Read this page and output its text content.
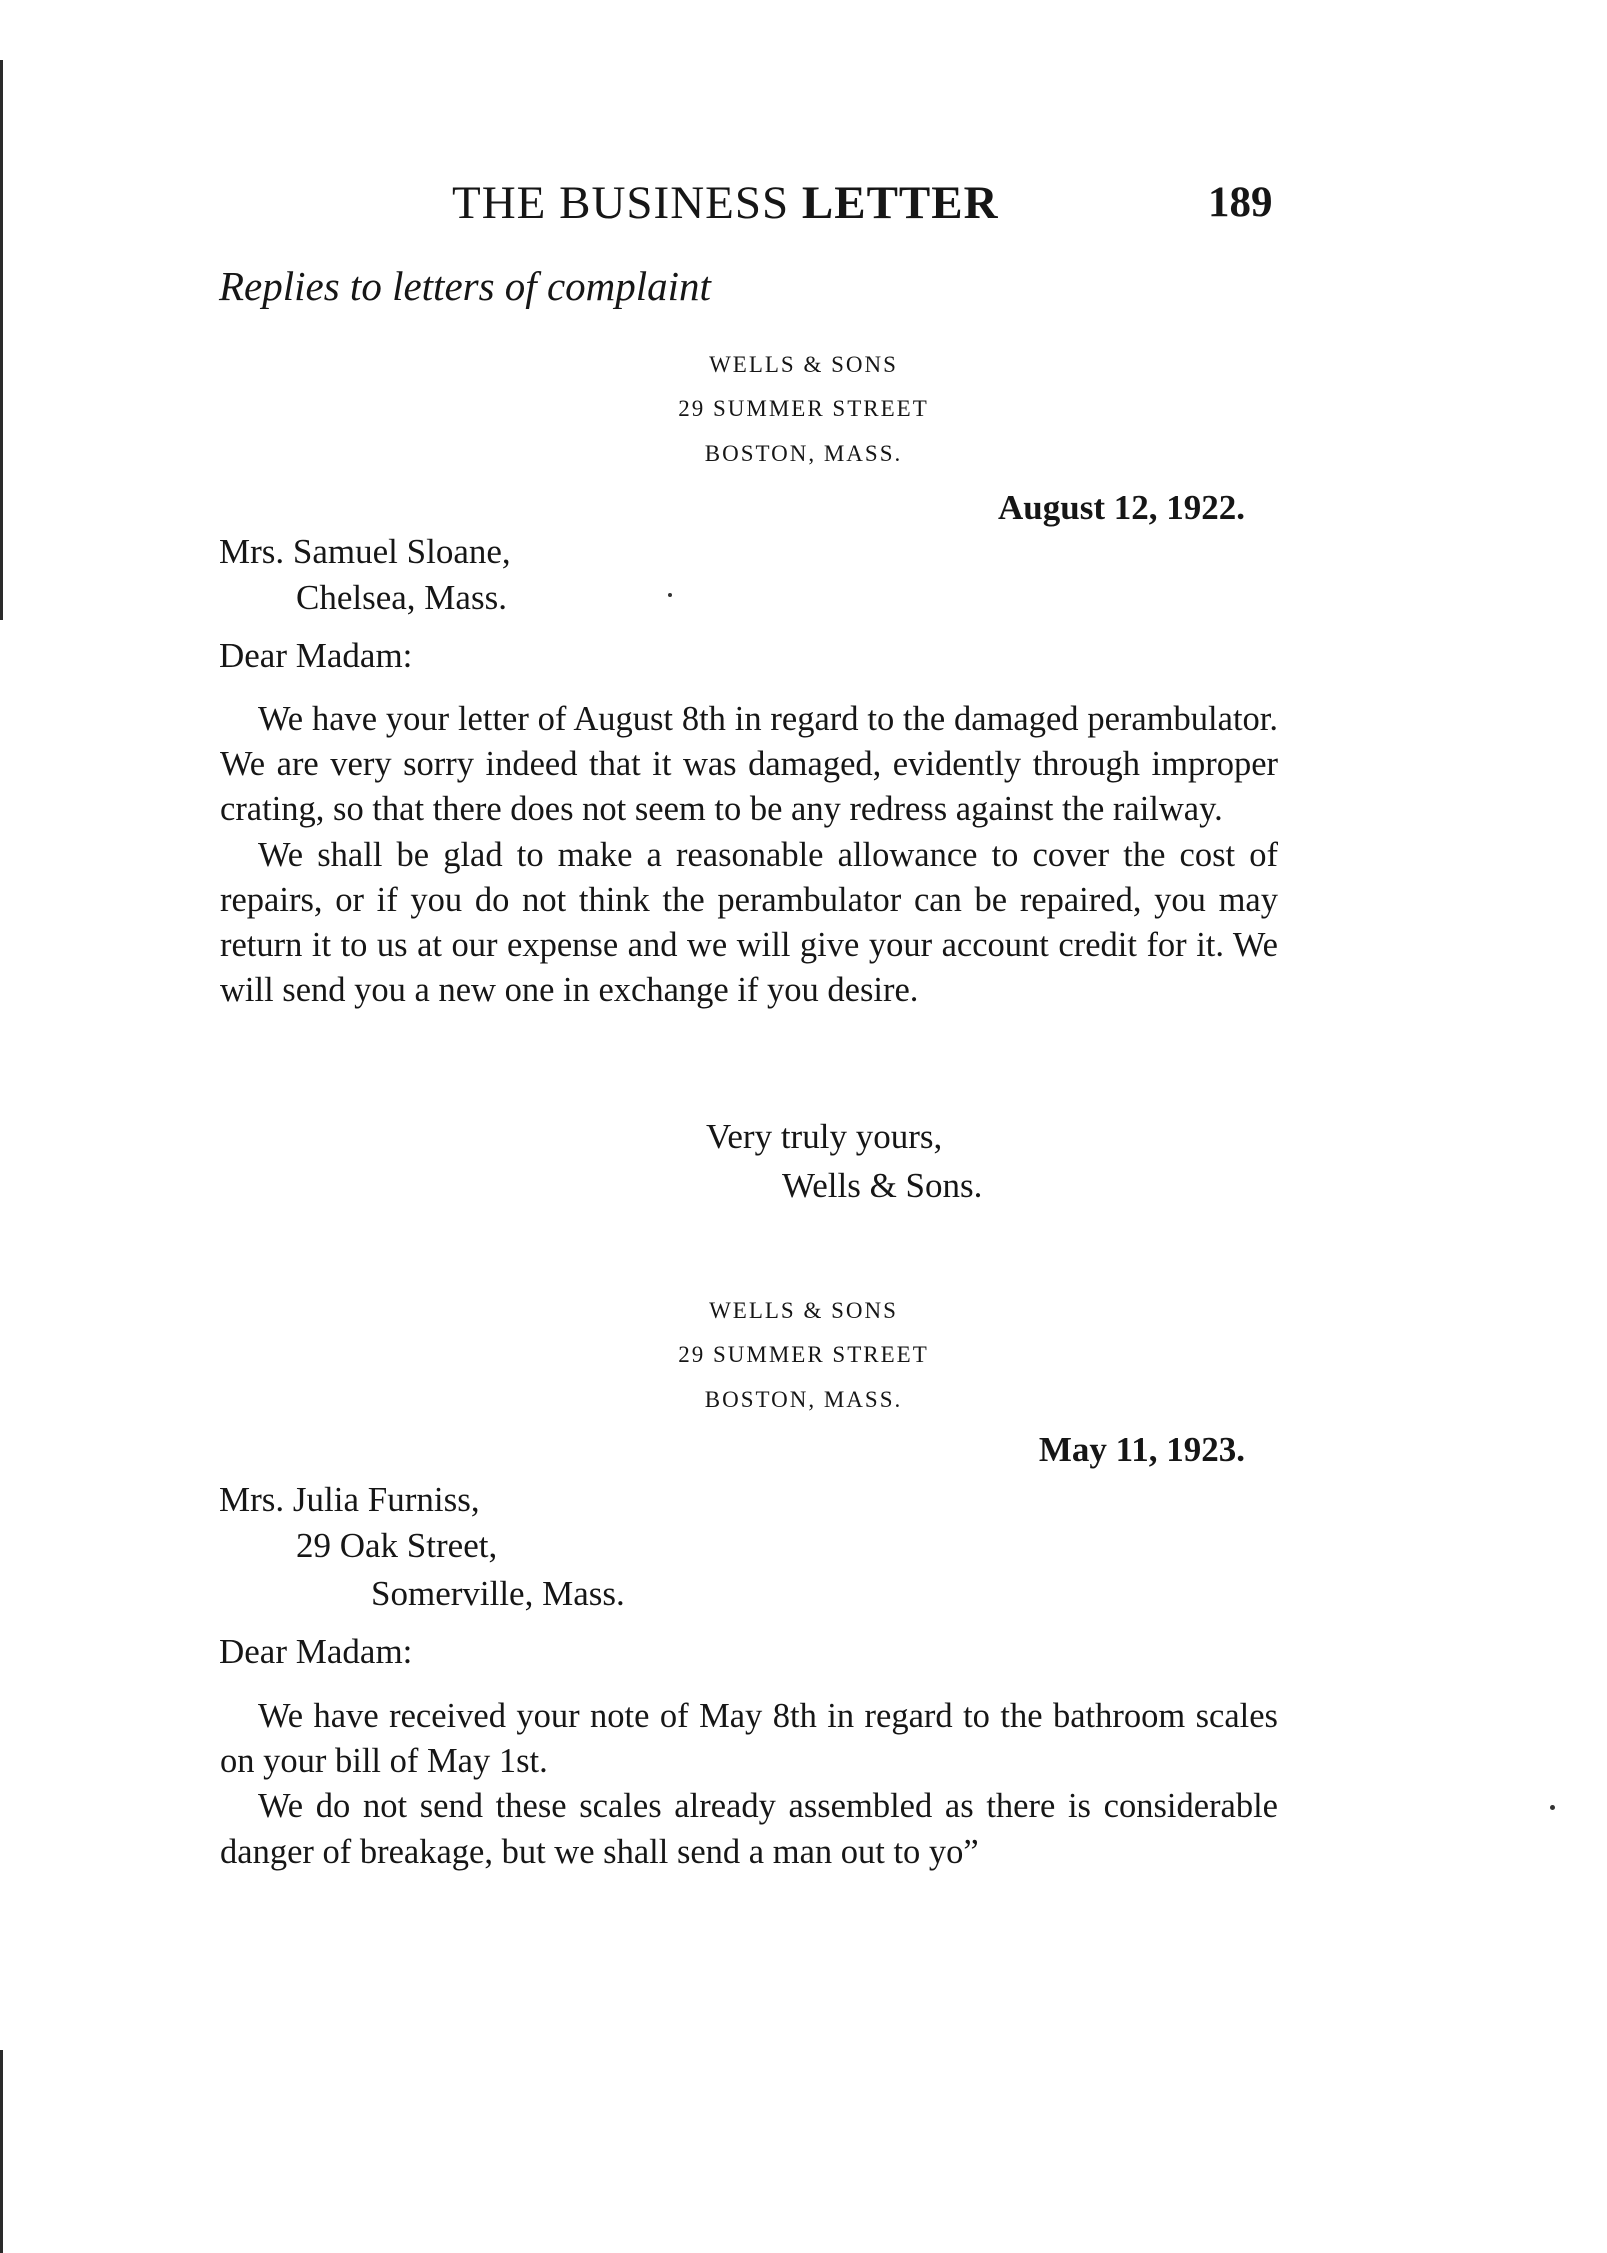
THE BUSINESS LETTER	189
Replies to letters of complaint
WELLS & SONS
29 SUMMER STREET
BOSTON, MASS.
August 12, 1922.
Mrs. Samuel Sloane,
Chelsea, Mass.
Dear Madam:

We have your letter of August 8th in regard to the damaged perambulator. We are very sorry indeed that it was damaged, evidently through improper crating, so that there does not seem to be any redress against the railway.

We shall be glad to make a reasonable allowance to cover the cost of repairs, or if you do not think the perambulator can be repaired, you may return it to us at our expense and we will give your account credit for it. We will send you a new one in exchange if you desire.

Very truly yours,
Wells & Sons.
WELLS & SONS
29 SUMMER STREET
BOSTON, MASS.
May 11, 1923.
Mrs. Julia Furniss,
29 Oak Street,
Somerville, Mass.
Dear Madam:

We have received your note of May 8th in regard to the bathroom scales on your bill of May 1st.

We do not send these scales already assembled as there is considerable danger of breakage, but we shall send a man out to yo”
